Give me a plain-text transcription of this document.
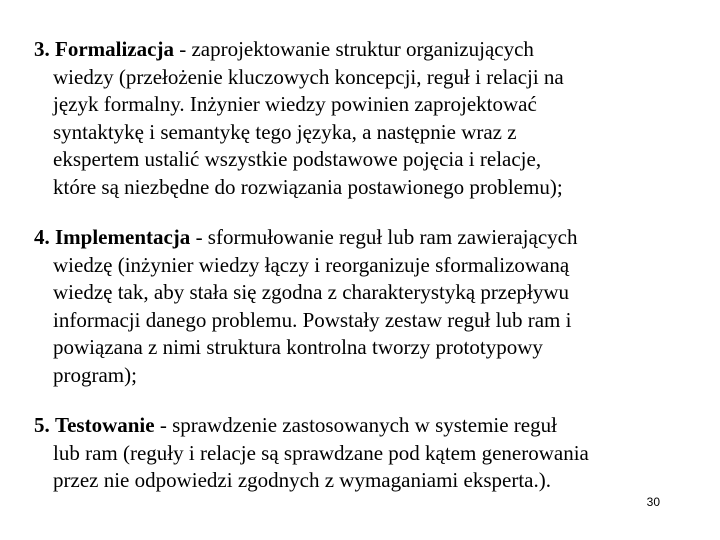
3. Formalizacja - zaprojektowanie struktur organizujących
wiedzy (przełożenie kluczowych koncepcji, reguł i relacji na
język formalny. Inżynier wiedzy powinien zaprojektować
syntaktykę i semantykę tego języka, a następnie wraz z
ekspertem ustalić wszystkie podstawowe pojęcia i relacje,
które są niezbędne do rozwiązania postawionego problemu);
4. Implementacja - sformułowanie reguł lub ram zawierających
wiedzę (inżynier wiedzy łączy i reorganizuje sformalizowaną
wiedzę tak, aby stała się zgodna z charakterystyką przepływu
informacji danego problemu. Powstały zestaw reguł lub ram i
powiązana z nimi struktura kontrolna tworzy prototypowy
program);
5. Testowanie - sprawdzenie zastosowanych w systemie reguł
lub ram (reguły i relacje są sprawdzane pod kątem generowania
przez nie odpowiedzi zgodnych z wymaganiami eksperta.).
30
